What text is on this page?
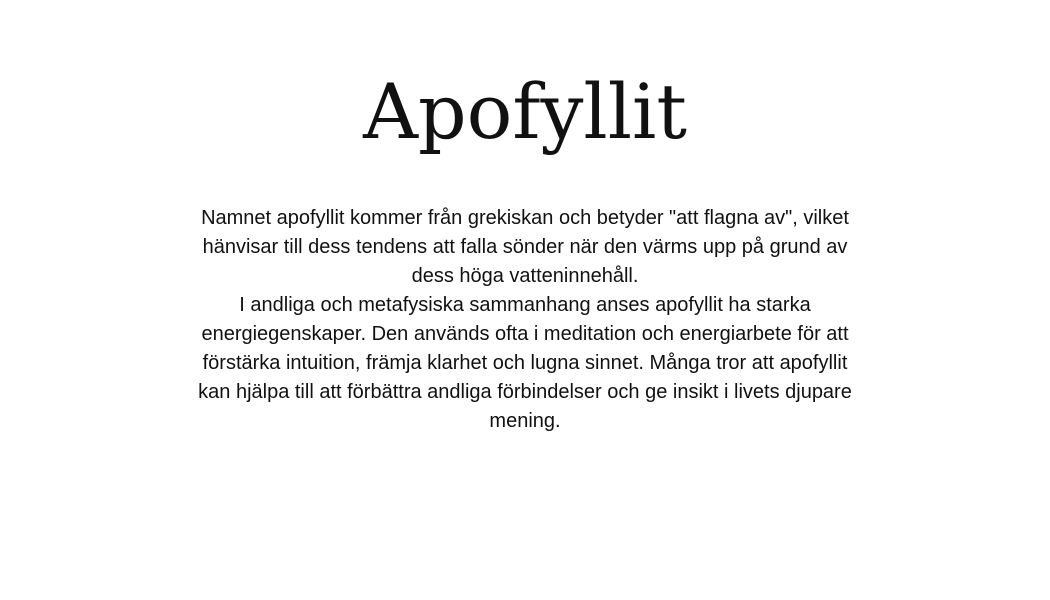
Apofyllit

Namnet apofyllit kommer från grekiskan och betyder "att flagna av", vilket hänvisar till dess tendens att falla sönder när den värms upp på grund av dess höga vatteninnehåll.

I andliga och metafysiska sammanhang anses apofyllit ha starka energiegenskaper. Den används ofta i meditation och energiarbete för att förstärka intuition, främja klarhet och lugna sinnet. Många tror att apofyllit kan hjälpa till att förbättra andliga förbindelser och ge insikt i livets djupare mening.
